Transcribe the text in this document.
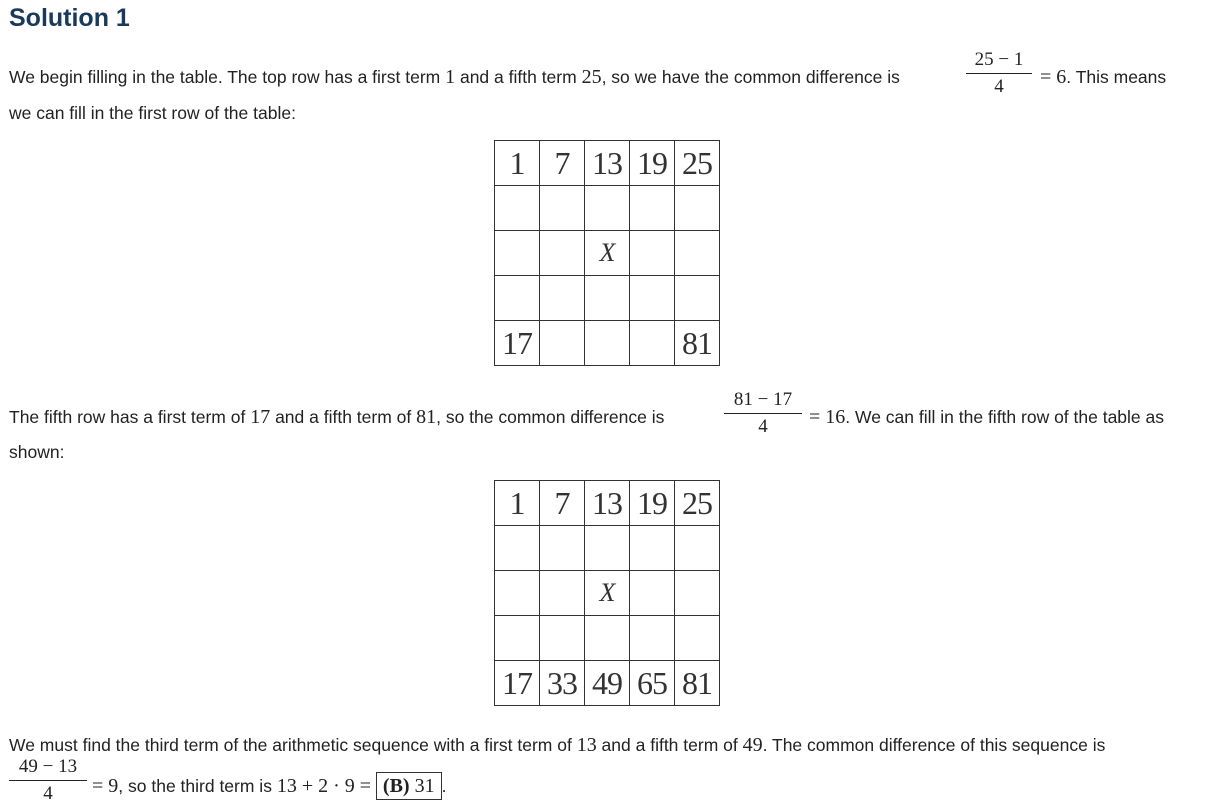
Solution 1
We begin filling in the table. The top row has a first term 1 and a fifth term 25, so we have the common difference is
25 − 1
4	= 6. This means
we can fill in the first row of the table:
1	7	13	19	25

		X		

17				81
The fifth row has a first term of 17 and a fifth term of 81, so the common difference is
81 − 17
4	= 16. We can fill in the fifth row of the table as
shown:
1	7	13	19	25

		X		

17	33	49	65	81
We must find the third term of the arithmetic sequence with a first term of 13 and a fifth term of 49. The common difference of this sequence is
49 − 13
4	= 9, so the third term is 13 + 2 · 9 = (B) 31 .
